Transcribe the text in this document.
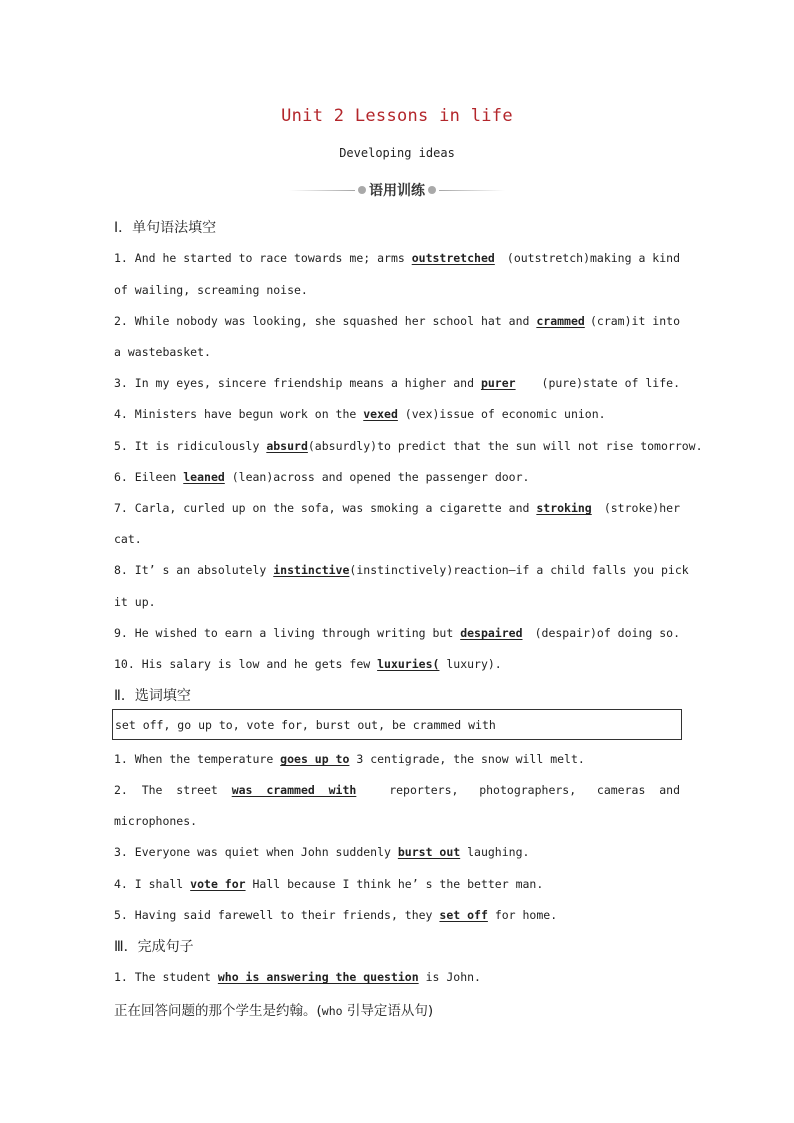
Unit 2 Lessons in life
Developing ideas
语用训练
Ⅰ．单句语法填空
1. And he started to race towards me; arms outstretched (outstretch)making a kind
of wailing, screaming noise.
2. While nobody was looking, she squashed her school hat and crammed (cram)it into
a wastebasket.
3. In my eyes, sincere friendship means a higher and purer (pure)state of life.
4. Ministers have begun work on the vexed (vex)issue of economic union.
5. It is ridiculously absurd (absurdly)to predict that the sun will not rise tomorrow.
6. Eileen leaned (lean)across and opened the passenger door.
7. Carla, curled up on the sofa, was smoking a cigarette and stroking (stroke)her
cat.
8. It’ s an absolutely instinctive (instinctively)reaction—if a child falls you pick
it up.
9. He wished to earn a living through writing but despaired (despair)of doing so.
10. His salary is low and he gets few luxuries( luxury).
Ⅱ．选词填空
set off, go up to, vote for, burst out, be crammed with
1. When the temperature goes up to 3 centigrade, the snow will melt.
2.  The  street  was  crammed  with reporters,   photographers,   cameras  and
microphones.
3. Everyone was quiet when John suddenly burst out laughing.
4. I shall vote for Hall because I think he’ s the better man.
5. Having said farewell to their friends, they set off for home.
Ⅲ．完成句子
1. The student who is answering the question is John.
正在回答问题的那个学生是约翰。(who 引导定语从句)
